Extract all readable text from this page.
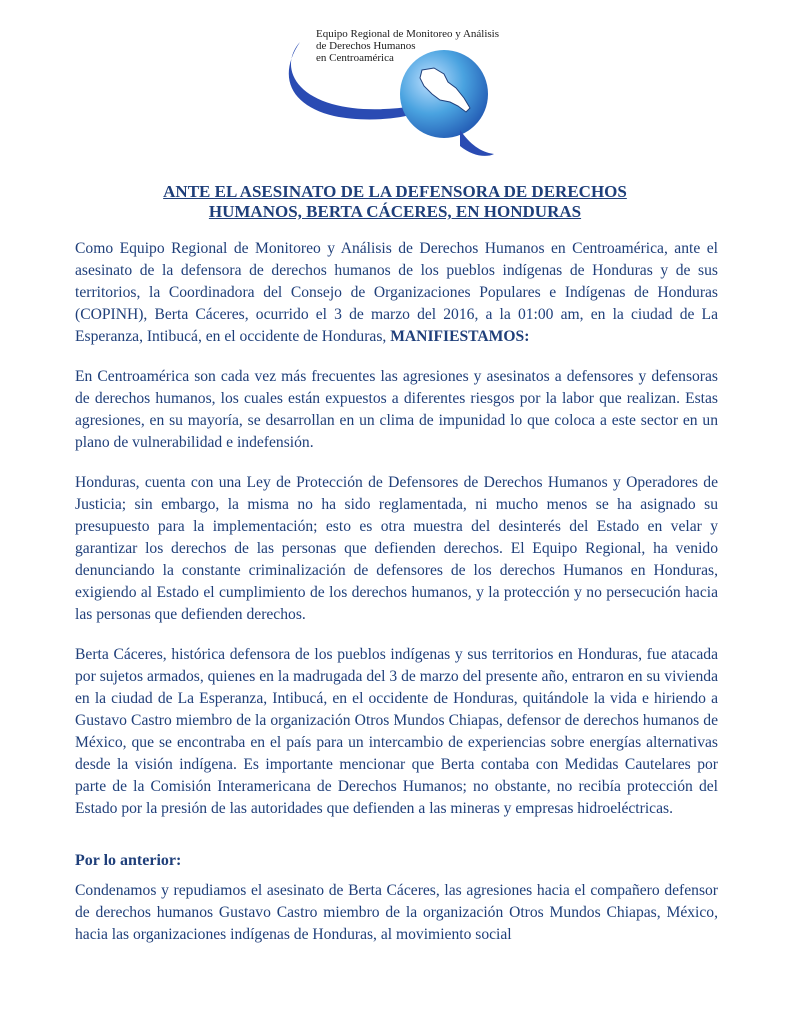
Equipo Regional de Monitoreo y Análisis
de Derechos Humanos
en Centroamérica
ANTE EL ASESINATO DE LA DEFENSORA DE DERECHOS
HUMANOS, BERTA CÁCERES, EN HONDURAS

Como Equipo Regional de Monitoreo y Análisis de Derechos Humanos en Centroamérica, ante el asesinato de la defensora de derechos humanos de los pueblos indígenas de Honduras y de sus territorios, la Coordinadora del Consejo de Organizaciones Populares e Indígenas de Honduras (COPINH), Berta Cáceres, ocurrido el 3 de marzo del 2016, a la 01:00 am, en la ciudad de La Esperanza, Intibucá, en el occidente de Honduras, MANIFIESTAMOS:

En Centroamérica son cada vez más frecuentes las agresiones y asesinatos a defensores y defensoras de derechos humanos, los cuales están expuestos a diferentes riesgos por la labor que realizan. Estas agresiones, en su mayoría, se desarrollan en un clima de impunidad lo que coloca a este sector en un plano de vulnerabilidad e indefensión.

Honduras, cuenta con una Ley de Protección de Defensores de Derechos Humanos y Operadores de Justicia; sin embargo, la misma no ha sido reglamentada, ni mucho menos se ha asignado su presupuesto para la implementación; esto es otra muestra del desinterés del Estado en velar y garantizar los derechos de las personas que defienden derechos. El Equipo Regional, ha venido denunciando la constante criminalización de defensores de los derechos Humanos en Honduras, exigiendo al Estado el cumplimiento de los derechos humanos, y la protección y no persecución hacia las personas que defienden derechos.

Berta Cáceres, histórica defensora de los pueblos indígenas y sus territorios en Honduras, fue atacada por sujetos armados, quienes en la madrugada del 3 de marzo del presente año, entraron en su vivienda en la ciudad de La Esperanza, Intibucá, en el occidente de Honduras, quitándole la vida e hiriendo a Gustavo Castro miembro de la organización Otros Mundos Chiapas, defensor de derechos humanos de México, que se encontraba en el país para un intercambio de experiencias sobre energías alternativas desde la visión indígena. Es importante mencionar que Berta contaba con Medidas Cautelares por parte de la Comisión Interamericana de Derechos Humanos; no obstante, no recibía protección del Estado por la presión de las autoridades que defienden a las mineras y empresas hidroeléctricas.

Por lo anterior:

Condenamos y repudiamos el asesinato de Berta Cáceres, las agresiones hacia el compañero defensor de derechos humanos Gustavo Castro miembro de la organización Otros Mundos Chiapas, México, hacia las organizaciones indígenas de Honduras, al movimiento social
